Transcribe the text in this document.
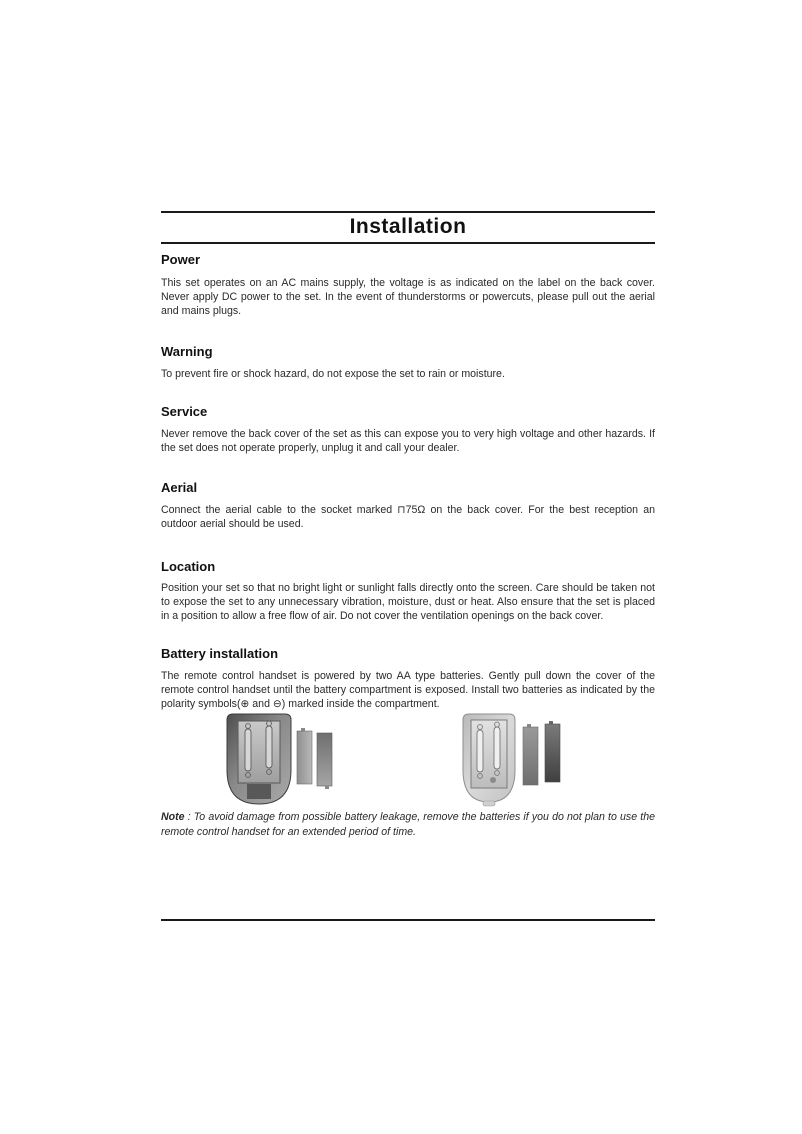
Installation
Power
This set operates on an AC mains supply, the voltage is as indicated on the label on the back cover. Never apply DC power to the set. In the event of thunderstorms or powercuts, please pull out the aerial and mains plugs.
Warning
To prevent fire or shock hazard, do not expose the set to rain or moisture.
Service
Never remove the back cover of the set as this can expose you to very high voltage and other hazards. If the set does not operate properly, unplug it and call your dealer.
Aerial
Connect the aerial cable to the socket marked ⊓75Ω on the back cover. For the best reception an outdoor aerial should be used.
Location
Position your set so that no bright light or sunlight falls directly onto the screen. Care should be taken not to expose the set to any unnecessary vibration, moisture, dust or heat. Also ensure that the set is placed in a position to allow a free flow of air. Do not cover the ventilation openings on the back cover.
Battery installation
The remote control handset is powered by two AA type batteries. Gently pull down the cover of the remote control handset until the battery compartment is exposed. Install two batteries as indicated by the polarity symbols(⊕ and ⊖) marked inside the compartment.
Note : To avoid damage from possible battery leakage, remove the batteries if you do not plan to use the remote control handset for an extended period of time.
